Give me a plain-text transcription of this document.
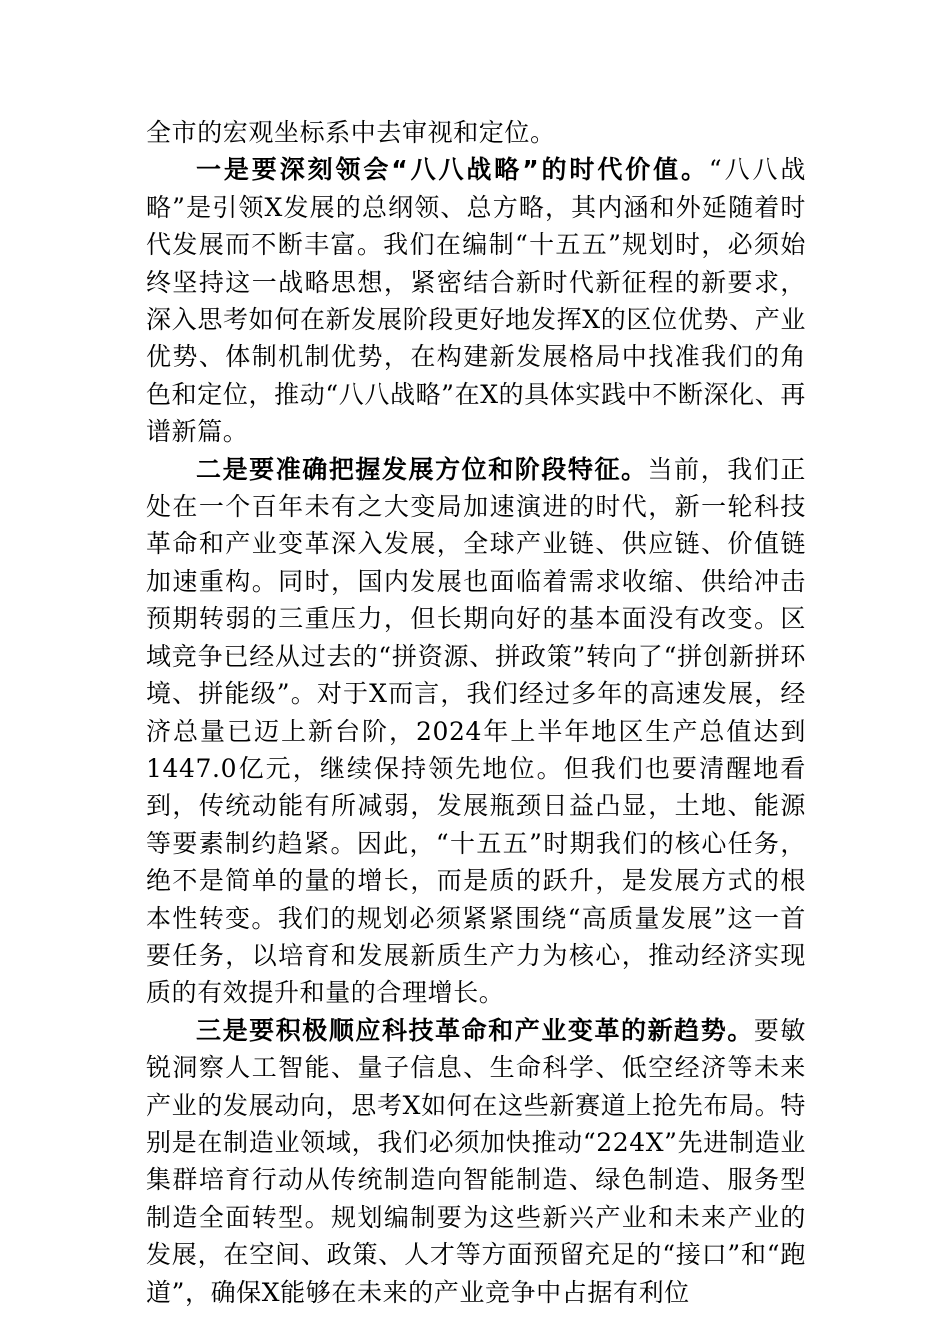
全市的宏观坐标系中去审视和定位。

一是要深刻领会“八八战略”的时代价值。“八八战略”是引领X发展的总纲领、总方略，其内涵和外延随着时代发展而不断丰富。我们在编制“十五五”规划时，必须始终坚持这一战略思想，紧密结合新时代新征程的新要求，深入思考如何在新发展阶段更好地发挥X的区位优势、产业优势、体制机制优势，在构建新发展格局中找准我们的角色和定位，推动“八八战略”在X的具体实践中不断深化、再谱新篇。

二是要准确把握发展方位和阶段特征。当前，我们正处在一个百年未有之大变局加速演进的时代，新一轮科技革命和产业变革深入发展，全球产业链、供应链、价值链加速重构。同时，国内发展也面临着需求收缩、供给冲击预期转弱的三重压力，但长期向好的基本面没有改变。区域竞争已经从过去的“拼资源、拼政策”转向了“拼创新拼环境、拼能级”。对于X而言，我们经过多年的高速发展，经济总量已迈上新台阶，2024年上半年地区生产总值达到1447.0亿元，继续保持领先地位。但我们也要清醒地看到，传统动能有所减弱，发展瓶颈日益凸显，土地、能源等要素制约趋紧。因此，“十五五”时期我们的核心任务，绝不是简单的量的增长，而是质的跃升，是发展方式的根本性转变。我们的规划必须紧紧围绕“高质量发展”这一首要任务，以培育和发展新质生产力为核心，推动经济实现质的有效提升和量的合理增长。

三是要积极顺应科技革命和产业变革的新趋势。要敏锐洞察人工智能、量子信息、生命科学、低空经济等未来产业的发展动向，思考X如何在这些新赛道上抢先布局。特别是在制造业领域，我们必须加快推动“224X”先进制造业集群培育行动从传统制造向智能制造、绿色制造、服务型制造全面转型。规划编制要为这些新兴产业和未来产业的发展，在空间、政策、人才等方面预留充足的“接口”和“跑道”，确保X能够在未来的产业竞争中占据有利位
